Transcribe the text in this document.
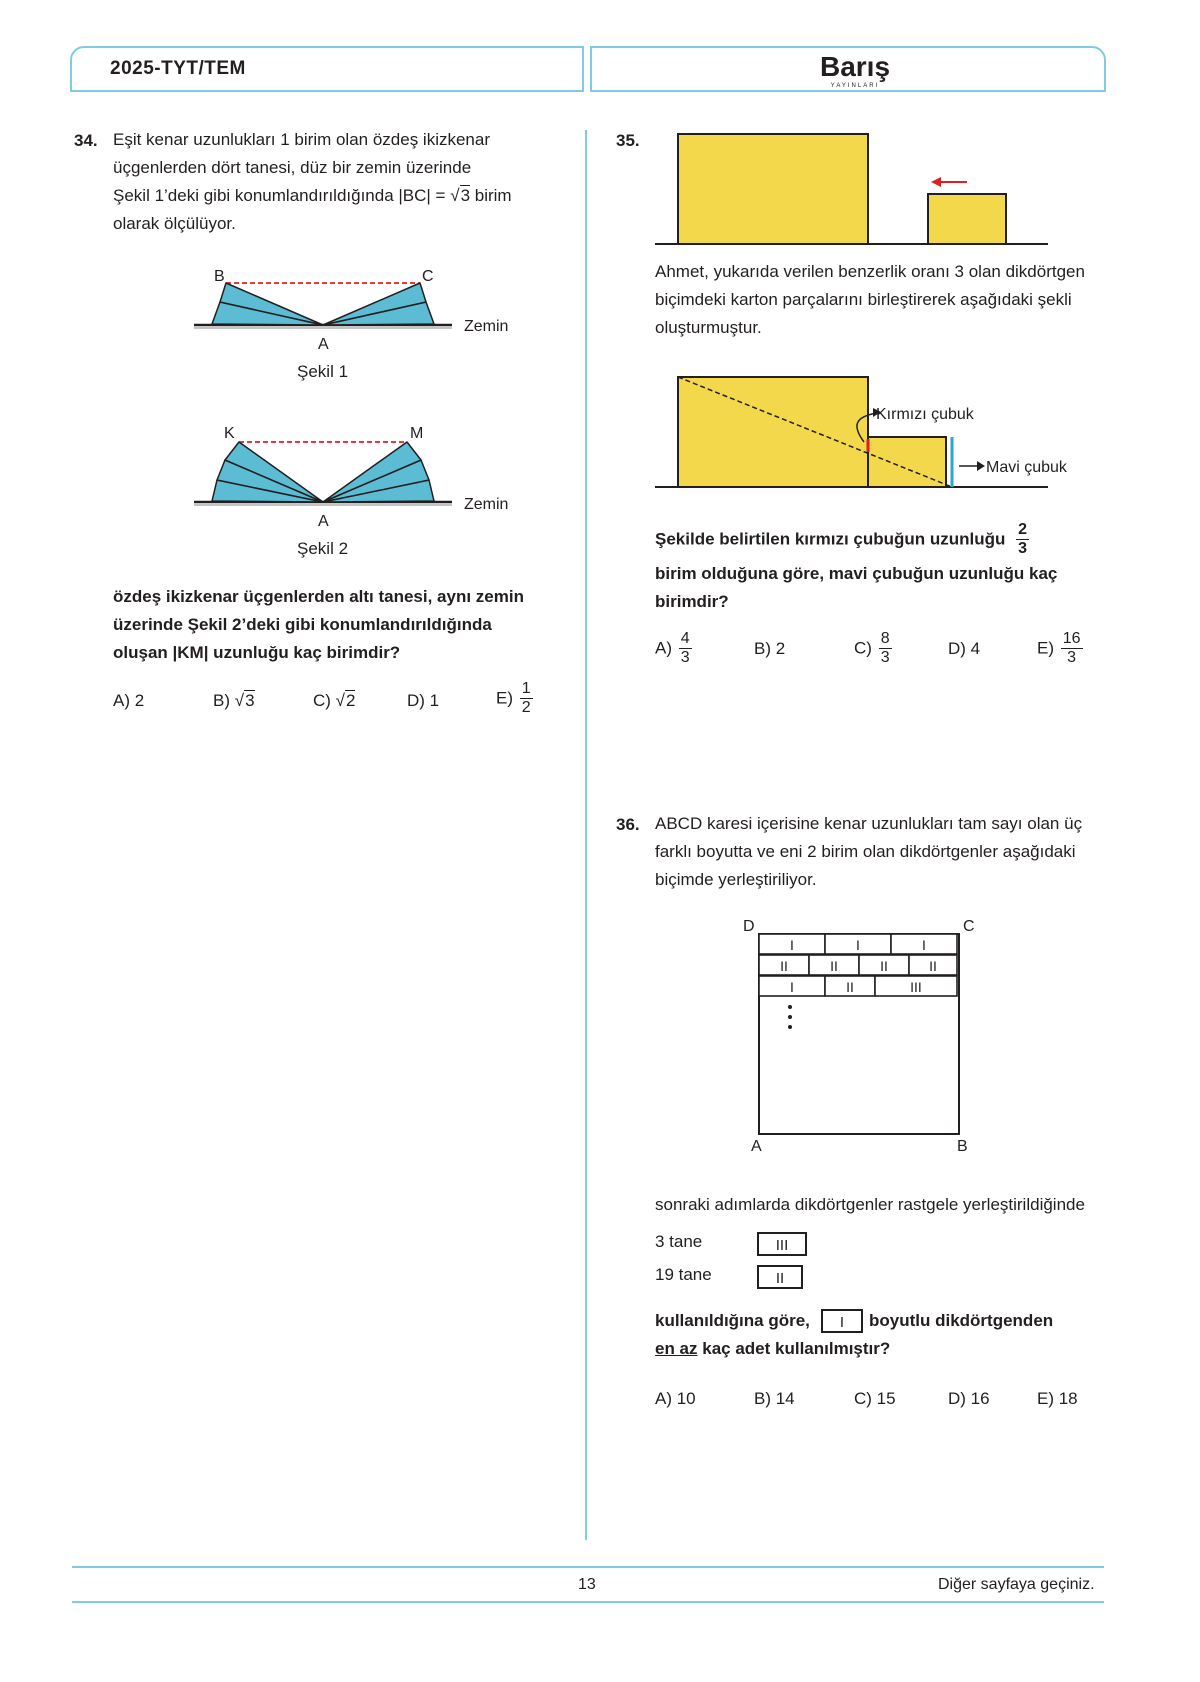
2025-TYT/TEM	Barış
YAYINLARI
34. Eşit kenar uzunlukları 1 birim olan özdeş ikizkenar
üçgenlerden dört tanesi, düz bir zemin üzerinde
Şekil 1’deki gibi konumlandırıldığında |BC| = √3 birim
olarak ölçülüyor.
B	C
A
Zemin
Şekil 1
K	M
A
Zemin
Şekil 2
özdeş ikizkenar üçgenlerden altı tanesi, aynı zemin
üzerinde Şekil 2’deki gibi konumlandırıldığında
oluşan |KM| uzunluğu kaç birimdir?
A) 2	B) √3	C) √2	D) 1	$E) \frac{1}{2}$
35.
Ahmet, yukarıda verilen benzerlik oranı 3 olan dikdörtgen
biçimdeki karton parçalarını birleştirerek aşağıdaki şekli
oluşturmuştur.
Kırmızı çubuk
Mavi çubuk
Şekilde belirtilen kırmızı çubuğun uzunluğu $\frac{2}{3}$
birim olduğuna göre, mavi çubuğun uzunluğu kaç
birimdir?
$A) \frac{4}{3}$	B) 2	$C) \frac{8}{3}$	D) 4	$E) \frac{16}{3}$
36. ABCD karesi içerisine kenar uzunlukları tam sayı olan üç
farklı boyutta ve eni 2 birim olan dikdörtgenler aşağıdaki
biçimde yerleştiriliyor.
I	I	I
II	II	II	II
I	II	III
D	C
A	B
sonraki adımlarda dikdörtgenler rastgele yerleştirildiğinde
3 tane	III
19 tane	II
kullanıldığına göre,	I	boyutlu dikdörtgenden
en az kaç adet kullanılmıştır?
A) 10	B) 14	C) 15	D) 16	E) 18
13	Diğer sayfaya geçiniz.
